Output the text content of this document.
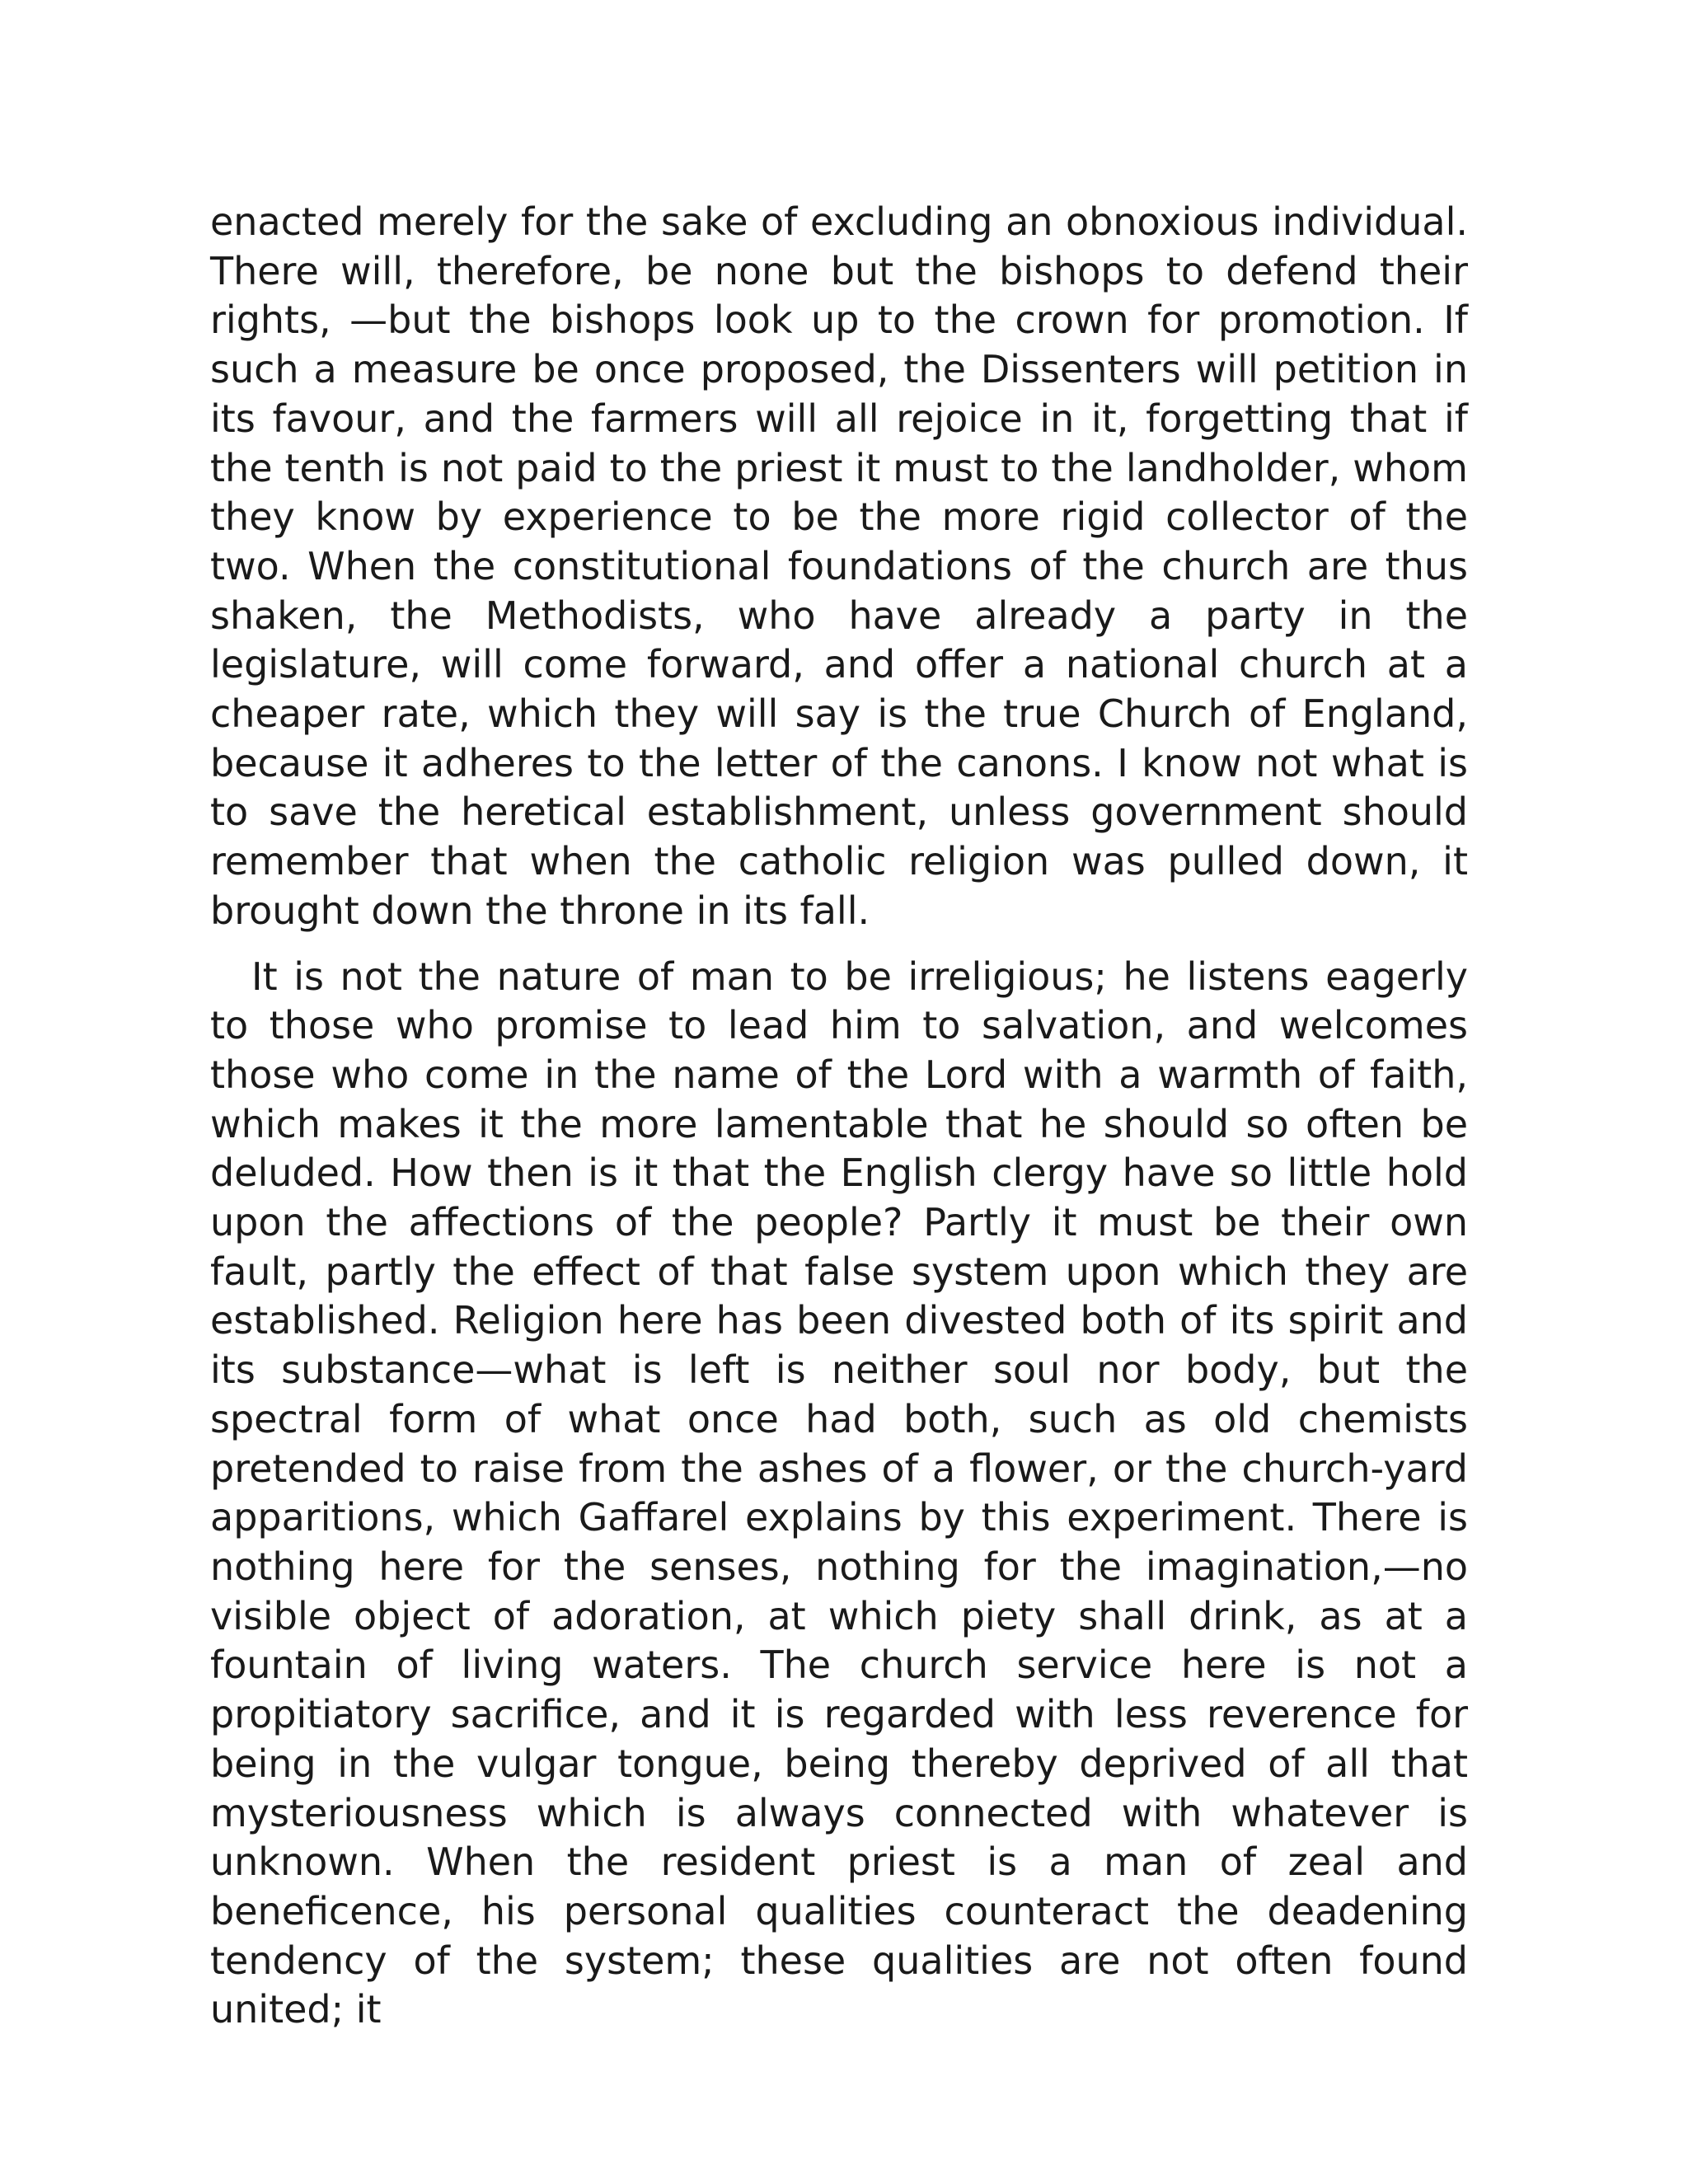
enacted merely for the sake of excluding an obnoxious individual. There will, therefore, be none but the bishops to defend their rights, —but the bishops look up to the crown for promotion. If such a measure be once proposed, the Dissenters will petition in its favour, and the farmers will all rejoice in it, forgetting that if the tenth is not paid to the priest it must to the landholder, whom they know by experience to be the more rigid collector of the two. When the constitutional foundations of the church are thus shaken, the Methodists, who have already a party in the legislature, will come forward, and offer a national church at a cheaper rate, which they will say is the true Church of England, because it adheres to the letter of the canons. I know not what is to save the heretical establishment, unless government should remember that when the catholic religion was pulled down, it brought down the throne in its fall.

It is not the nature of man to be irreligious; he listens eagerly to those who promise to lead him to salvation, and welcomes those who come in the name of the Lord with a warmth of faith, which makes it the more lamentable that he should so often be deluded. How then is it that the English clergy have so little hold upon the affections of the people? Partly it must be their own fault, partly the effect of that false system upon which they are established. Religion here has been divested both of its spirit and its substance—what is left is neither soul nor body, but the spectral form of what once had both, such as old chemists pretended to raise from the ashes of a flower, or the church-yard apparitions, which Gaffarel explains by this experiment. There is nothing here for the senses, nothing for the imagination,—no visible object of adoration, at which piety shall drink, as at a fountain of living waters. The church service here is not a propitiatory sacrifice, and it is regarded with less reverence for being in the vulgar tongue, being thereby deprived of all that mysteriousness which is always connected with whatever is unknown. When the resident priest is a man of zeal and beneficence, his personal qualities counteract the deadening tendency of the system; these qualities are not often found united; it
